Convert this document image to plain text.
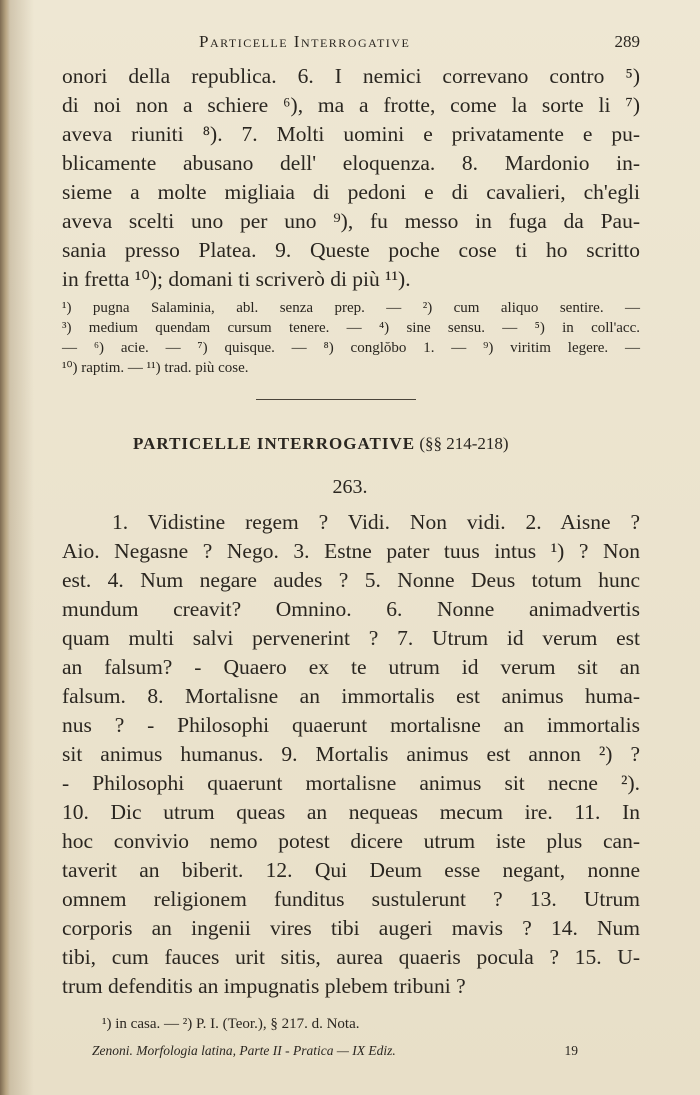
Particelle Interrogative	289
onori della republica. 6. I nemici correvano contro ⁵)
di noi non a schiere ⁶), ma a frotte, come la sorte li ⁷)
aveva riuniti ⁸). 7. Molti uomini e privatamente e pu-
blicamente abusano dell' eloquenza. 8. Mardonio in-
sieme a molte migliaia di pedoni e di cavalieri, ch'egli
aveva scelti uno per uno ⁹), fu messo in fuga da Pau-
sania presso Platea. 9. Queste poche cose ti ho scritto
in fretta ¹⁰); domani ti scriverò di più ¹¹).
¹) pugna Salaminia, abl. senza prep. — ²) cum aliquo sentire. —
³) medium quendam cursum tenere. — ⁴) sine sensu. — ⁵) in coll'acc.
— ⁶) acie. — ⁷) quisque. — ⁸) conglŏbo 1. — ⁹) viritim legere. —
¹⁰) raptim. — ¹¹) trad. più cose.
PARTICELLE INTERROGATIVE (§§ 214-218)
263.
1. Vidistine regem ? Vidi. Non vidi. 2. Aisne ?
Aio. Negasne ? Nego. 3. Estne pater tuus intus ¹) ? Non
est. 4. Num negare audes ? 5. Nonne Deus totum hunc
mundum creavit? Omnino. 6. Nonne animadvertis
quam multi salvi pervenerint ? 7. Utrum id verum est
an falsum? - Quaero ex te utrum id verum sit an
falsum. 8. Mortalisne an immortalis est animus huma-
nus ? - Philosophi quaerunt mortalisne an immortalis
sit animus humanus. 9. Mortalis animus est annon ²) ?
- Philosophi quaerunt mortalisne animus sit necne ²).
10. Dic utrum queas an nequeas mecum ire. 11. In
hoc convivio nemo potest dicere utrum iste plus can-
taverit an biberit. 12. Qui Deum esse negant, nonne
omnem religionem funditus sustulerunt ? 13. Utrum
corporis an ingenii vires tibi augeri mavis ? 14. Num
tibi, cum fauces urit sitis, aurea quaeris pocula ? 15. U-
trum defenditis an impugnatis plebem tribuni ?
¹) in casa. — ²) P. I. (Teor.), § 217. d. Nota.
Zenoni. Morfologia latina, Parte II - Pratica — IX Ediz.	19
